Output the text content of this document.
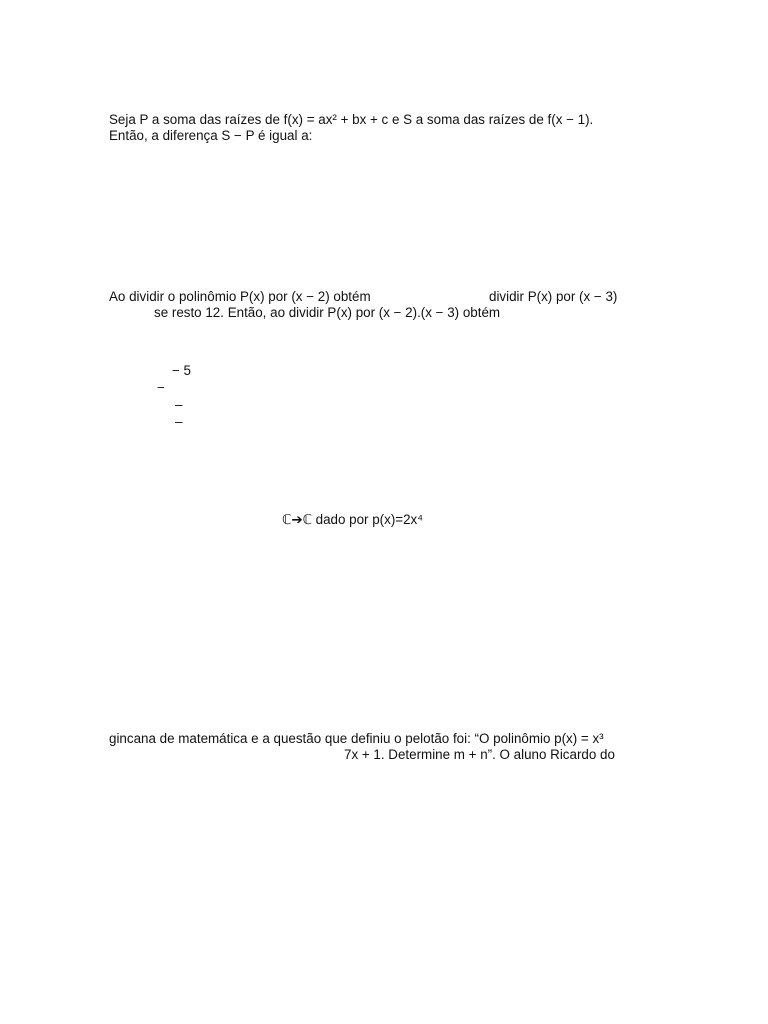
Seja P a soma das raízes de f(x) = ax² + bx + c e S a soma das raízes de f(x − 1).
Então, a diferença S − P é igual a:
Ao dividir o polinômio P(x) por (x − 2) obtém	dividir P(x) por (x − 3)
se resto 12. Então, ao dividir P(x) por (x − 2).(x − 3) obtém
− 5
−
–
–
ℂ➔ℂ dado por p(x)=2x⁴
gincana de matemática e a questão que definiu o pelotão foi: “O polinômio p(x) = x³
7x + 1. Determine m + n”. O aluno Ricardo do
